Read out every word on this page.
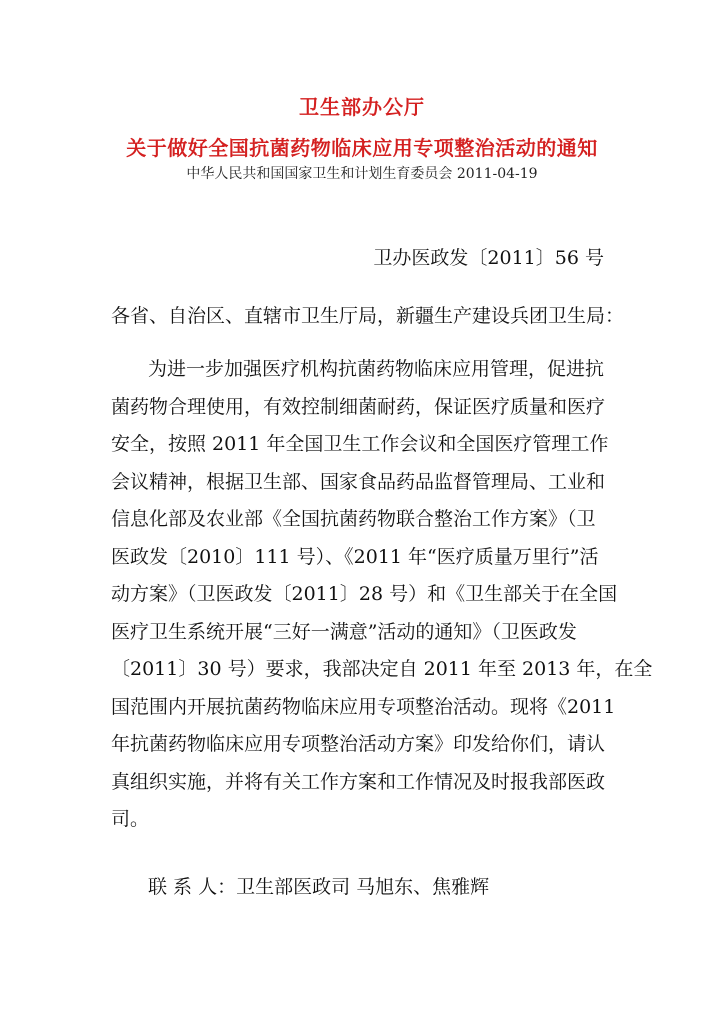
卫生部办公厅
关于做好全国抗菌药物临床应用专项整治活动的通知
中华人民共和国国家卫生和计划生育委员会 2011-04-19
卫办医政发〔2011〕56 号
各省、自治区、直辖市卫生厅局，新疆生产建设兵团卫生局：
为进一步加强医疗机构抗菌药物临床应用管理，促进抗
菌药物合理使用，有效控制细菌耐药，保证医疗质量和医疗
安全，按照 2011 年全国卫生工作会议和全国医疗管理工作
会议精神，根据卫生部、国家食品药品监督管理局、工业和
信息化部及农业部《全国抗菌药物联合整治工作方案》（卫
医政发〔2010〕111 号）、《2011 年“医疗质量万里行”活
动方案》（卫医政发〔2011〕28 号）和《卫生部关于在全国
医疗卫生系统开展“三好一满意”活动的通知》（卫医政发
〔2011〕30 号）要求，我部决定自 2011 年至 2013 年，在全
国范围内开展抗菌药物临床应用专项整治活动。现将《2011
年抗菌药物临床应用专项整治活动方案》印发给你们，请认
真组织实施，并将有关工作方案和工作情况及时报我部医政
司。
联 系 人：卫生部医政司 马旭东、焦雅辉
